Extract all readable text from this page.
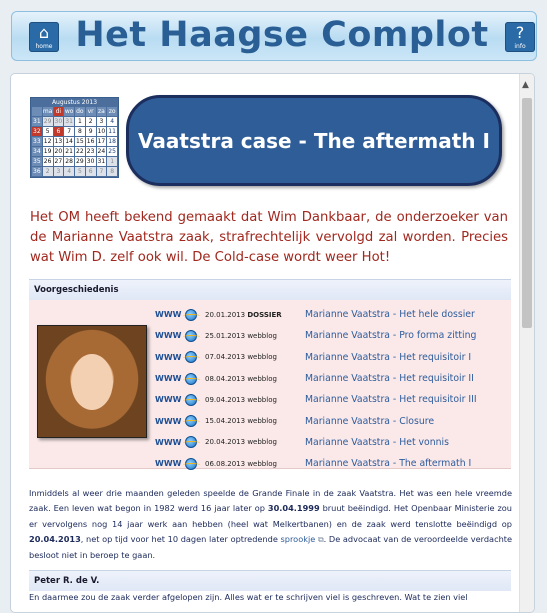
⌂
home Het Haagse Complot	?
info
Augustus 2013
ma di wo do vr za zo
31 29 30 31 1	2	3	4
32 5	6	7	8	9 10 11
33 12 13 14 15 16 17 18
34 19 20 21 22 23 24 25
35 26 27 28 29 30 31 1
36 2	3	4	5	6	7	8
Vaatstra case - The aftermath I
Het OM heeft bekend gemaakt dat Wim Dankbaar, de onderzoeker van de Marianne Vaatstra zaak, strafrechtelijk vervolgd zal worden. Precies wat Wim D. zelf ook wil. De Cold-case wordt weer Hot!
Voorgeschiedenis
WWW	20.01.2013 DOSSIER	Marianne Vaatstra - Het hele dossier
WWW	25.01.2013 webblog	Marianne Vaatstra - Pro forma zitting
WWW	07.04.2013 webblog	Marianne Vaatstra - Het requisitoir I
WWW	08.04.2013 webblog	Marianne Vaatstra - Het requisitoir II
WWW	09.04.2013 webblog	Marianne Vaatstra - Het requisitoir III
WWW	15.04.2013 webblog	Marianne Vaatstra - Closure
WWW	20.04.2013 webblog	Marianne Vaatstra - Het vonnis
WWW	06.08.2013 webblog	Marianne Vaatstra - The aftermath I
Inmiddels al weer drie maanden geleden speelde de Grande Finale in de zaak Vaatstra. Het was een hele vreemde zaak. Een leven wat begon in 1982 werd 16 jaar later op 30.04.1999 bruut beëindigd. Het Openbaar Ministerie zou er vervolgens nog 14 jaar werk aan hebben (heel wat Melkertbanen) en de zaak werd tenslotte beëindigd op 20.04.2013, net op tijd voor het 10 dagen later optredende sprookje ⧉. De advocaat van de veroordeelde verdachte besloot niet in beroep te gaan.
Peter R. de V.
En daarmee zou de zaak verder afgelopen zijn. Alles wat er te schrijven viel is geschreven. Wat te zien viel
▲
